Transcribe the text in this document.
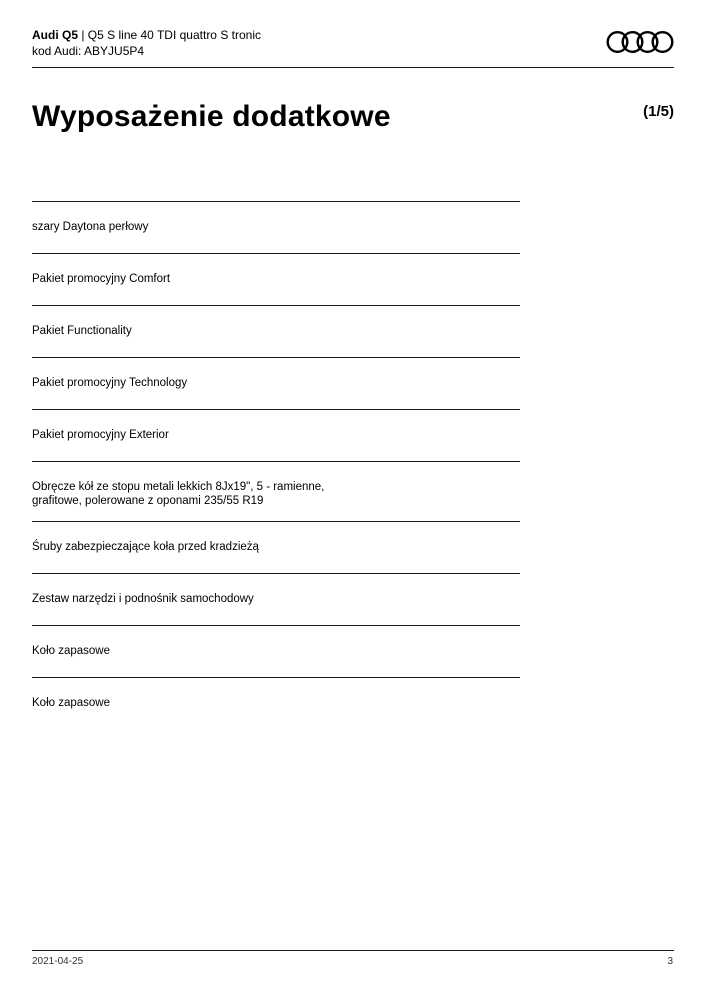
Audi Q5 | Q5 S line 40 TDI quattro S tronic
kod Audi: ABYJU5P4
Wyposażenie dodatkowe	(1/5)
szary Daytona perłowy
Pakiet promocyjny Comfort
Pakiet Functionality
Pakiet promocyjny Technology
Pakiet promocyjny Exterior
Obręcze kół ze stopu metali lekkich 8Jx19", 5 - ramienne,
grafitowe, polerowane z oponami 235/55 R19
Śruby zabezpieczające koła przed kradzieżą
Zestaw narzędzi i podnośnik samochodowy
Koło zapasowe
Koło zapasowe
2021-04-25	3
